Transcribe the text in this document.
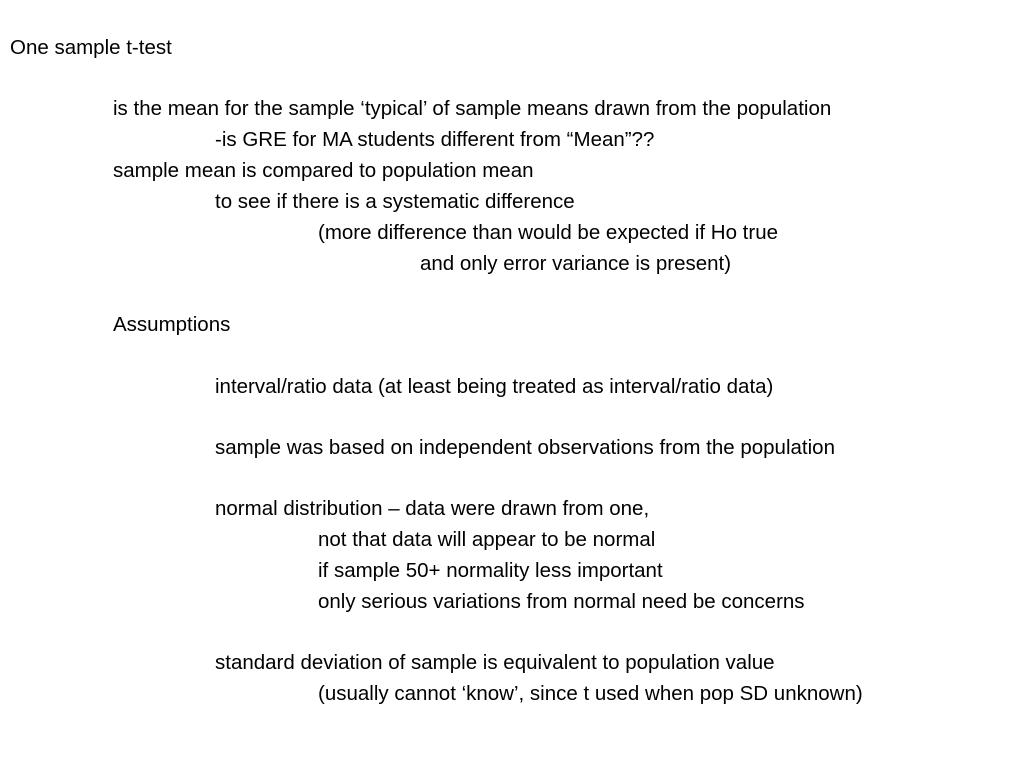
One sample t-test
is the mean for the sample ‘typical’ of sample means drawn from the population
-is GRE for MA students different from “Mean”??
sample mean is compared to population mean
to see if there is a systematic difference
(more difference than would be expected if Ho true
and only error variance is present)
Assumptions
interval/ratio data (at least being treated as interval/ratio data)
sample was based on independent observations from the population
normal distribution – data were drawn from one,
not that data will appear to be normal
if sample 50+ normality less important
only serious variations from normal need be concerns
standard deviation of sample is equivalent to population value
(usually cannot ‘know’, since t used when pop SD unknown)
